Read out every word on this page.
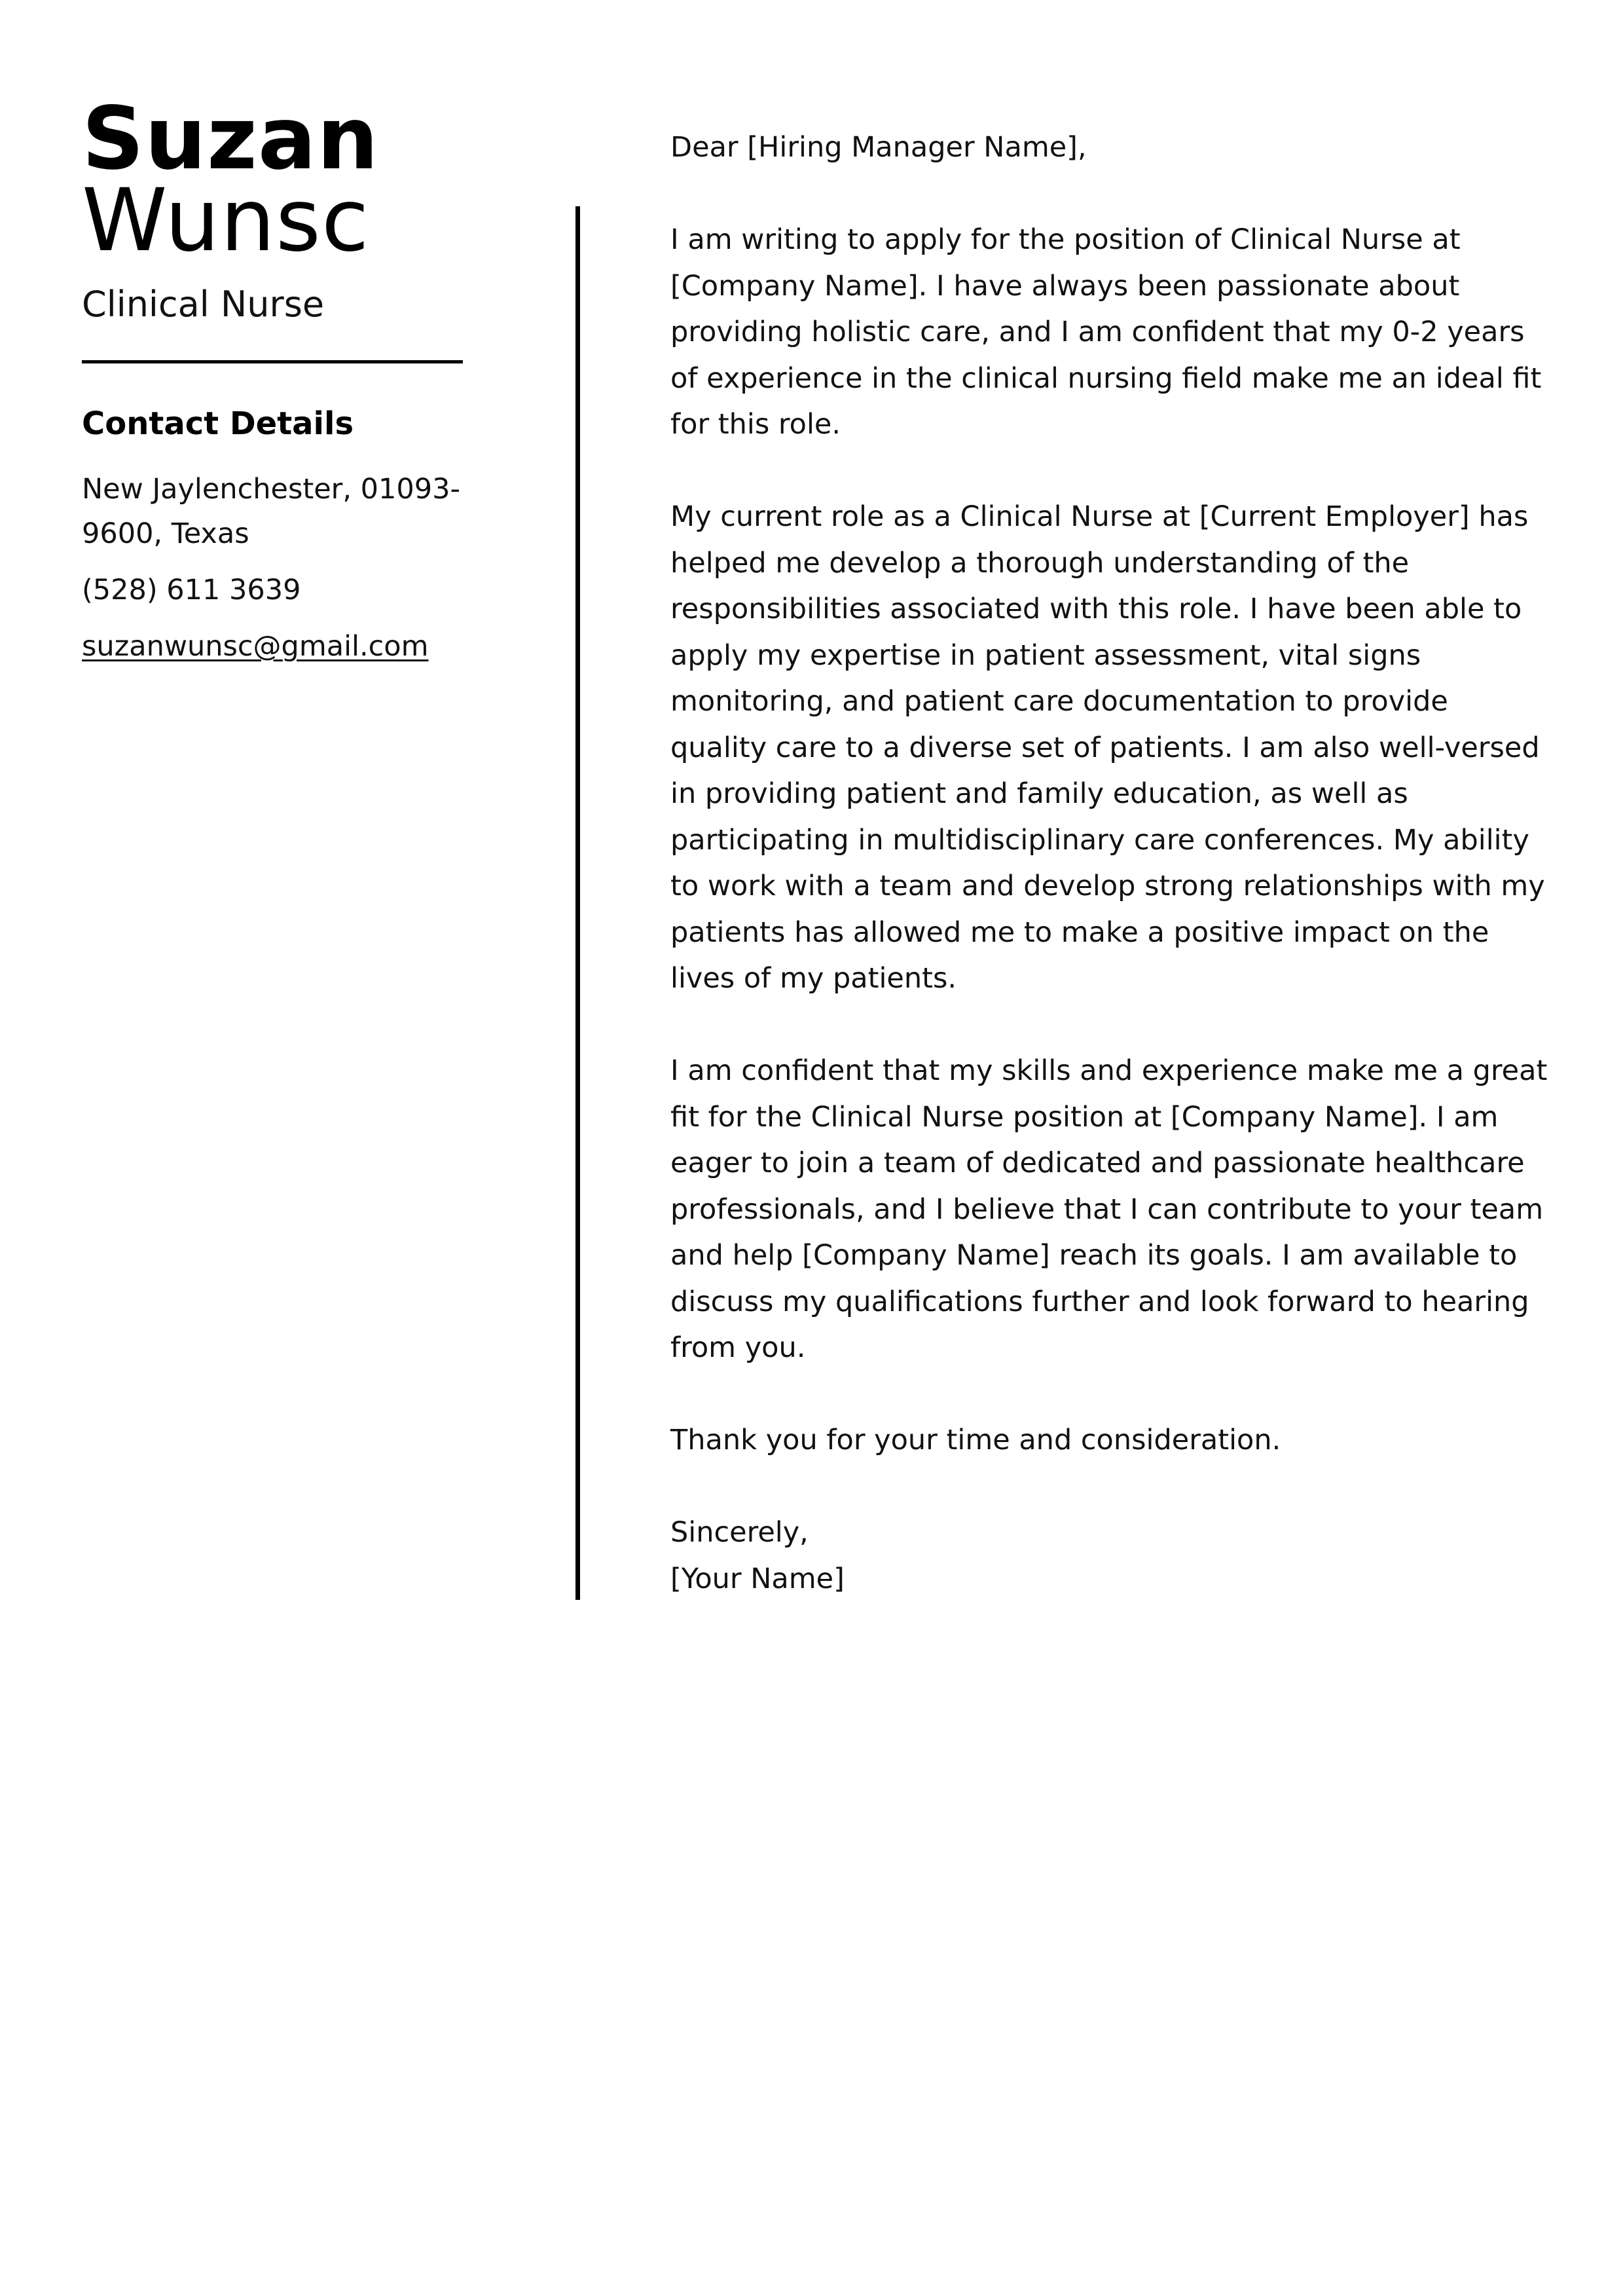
Suzan
Wunsc
Clinical Nurse
Contact Details
New Jaylenchester, 01093-9600, Texas
(528) 611 3639
suzanwunsc@gmail.com

Dear [Hiring Manager Name],

I am writing to apply for the position of Clinical Nurse at [Company Name]. I have always been passionate about providing holistic care, and I am confident that my 0-2 years of experience in the clinical nursing field make me an ideal fit for this role.

My current role as a Clinical Nurse at [Current Employer] has helped me develop a thorough understanding of the responsibilities associated with this role. I have been able to apply my expertise in patient assessment, vital signs monitoring, and patient care documentation to provide quality care to a diverse set of patients. I am also well-versed in providing patient and family education, as well as participating in multidisciplinary care conferences. My ability to work with a team and develop strong relationships with my patients has allowed me to make a positive impact on the lives of my patients.

I am confident that my skills and experience make me a great fit for the Clinical Nurse position at [Company Name]. I am eager to join a team of dedicated and passionate healthcare professionals, and I believe that I can contribute to your team and help [Company Name] reach its goals. I am available to discuss my qualifications further and look forward to hearing from you.

Thank you for your time and consideration.

Sincerely,
[Your Name]
